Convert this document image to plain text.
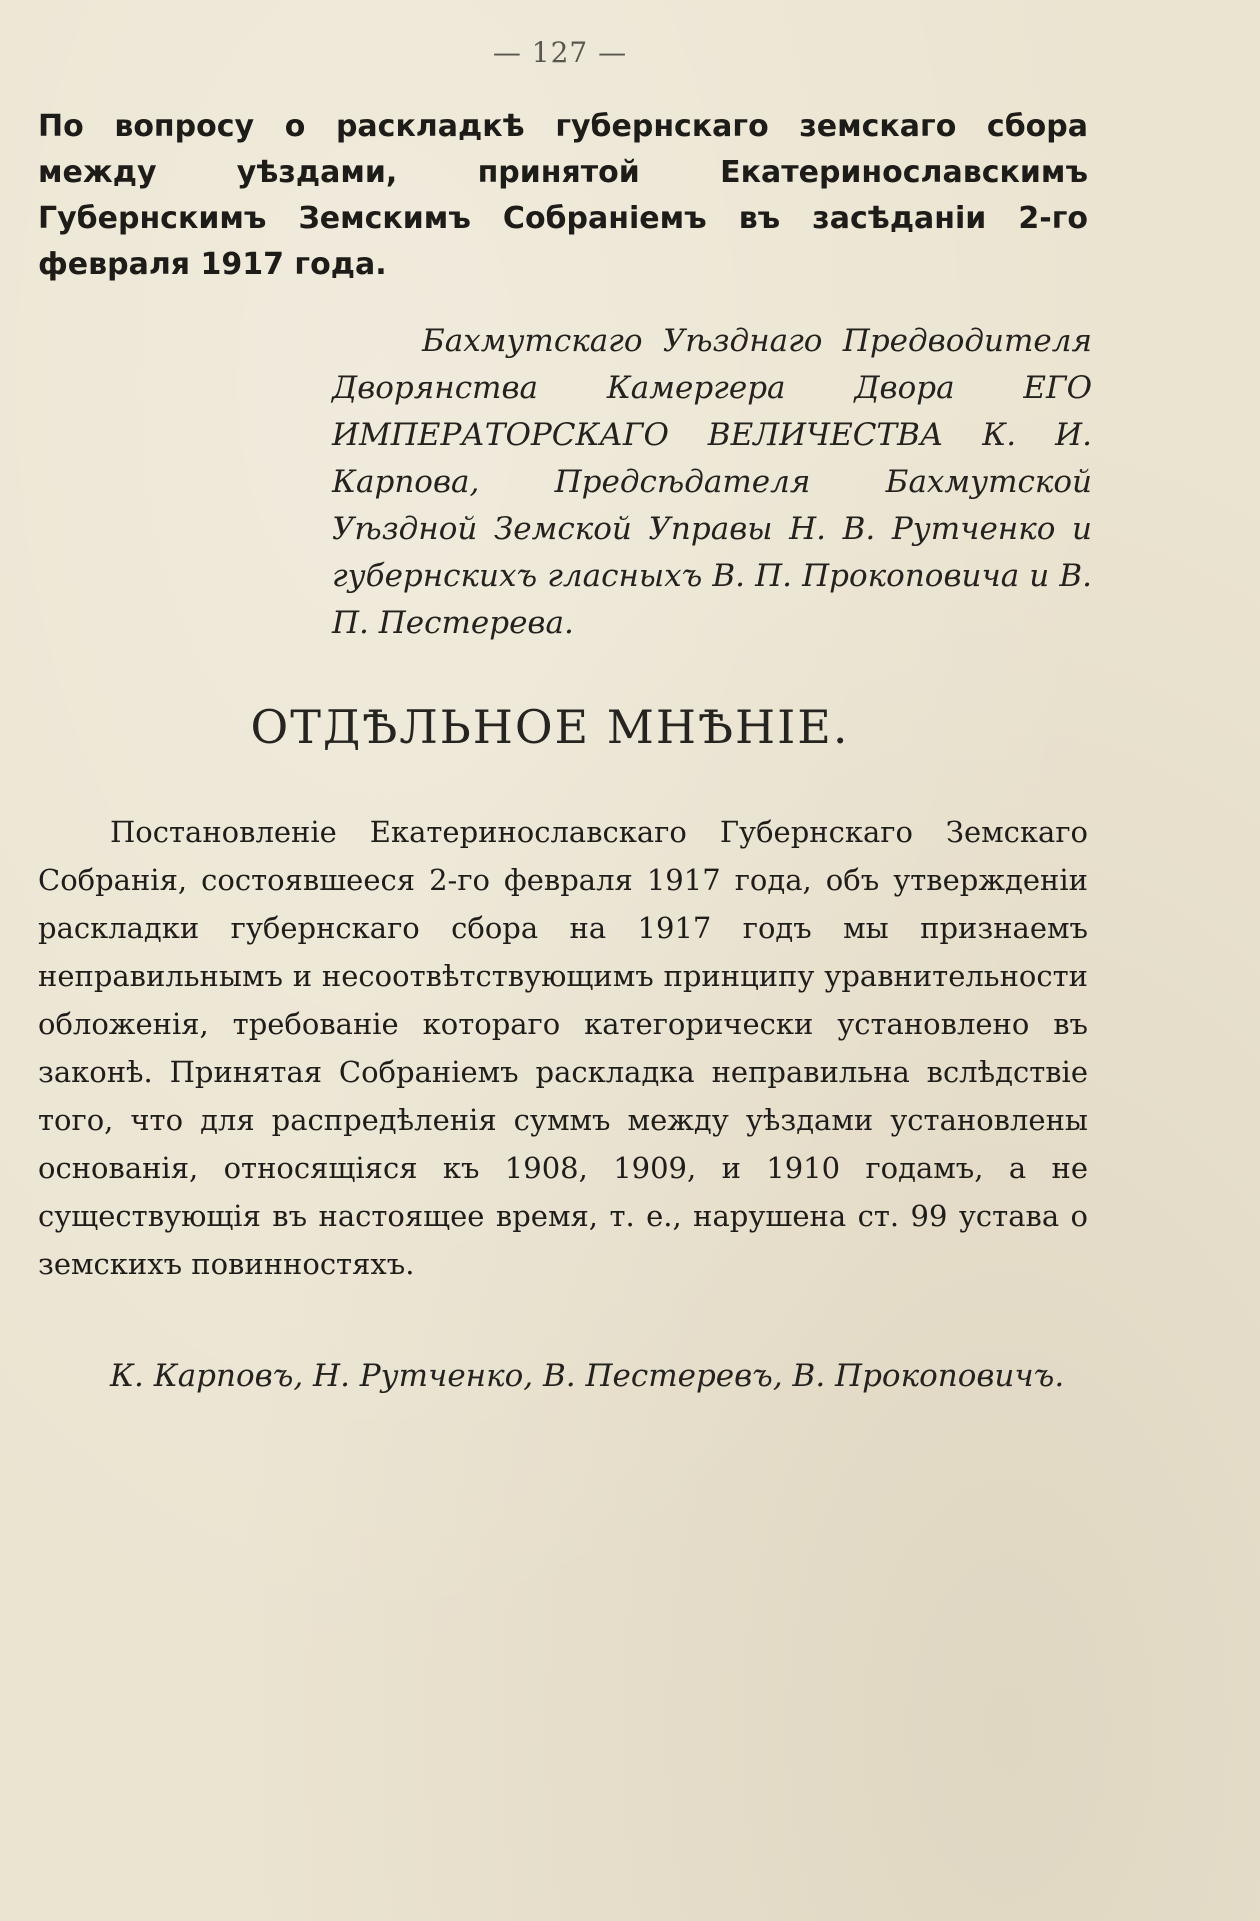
— 127 —
По вопросу о раскладкѣ губернскаго земскаго сбора между уѣздами, принятой Екатеринославскимъ Губернскимъ Земскимъ Собраніемъ въ засѣданіи 2-го февраля 1917 года.
Бахмутскаго Уѣзднаго Предводителя Дворянства Камергера Двора ЕГО ИМПЕРАТОРСКАГО ВЕЛИЧЕСТВА К. И. Карпова, Предсѣдателя Бахмутской Уѣздной Земской Управы Н. В. Рутченко и губернскихъ гласныхъ В. П. Прокоповича и В. П. Пестерева.
ОТДѢЛЬНОЕ МНѢНІЕ.
Постановленіе Екатеринославскаго Губернскаго Земскаго Собранія, состоявшееся 2-го февраля 1917 года, объ утвержденіи раскладки губернскаго сбора на 1917 годъ мы признаемъ неправильнымъ и несоотвѣтствующимъ принципу уравнительности обложенія, требованіе котораго категорически установлено въ законѣ. Принятая Собраніемъ раскладка неправильна вслѣдствіе того, что для распредѣленія суммъ между уѣздами установлены основанія, относящіяся къ 1908, 1909, и 1910 годамъ, а не существующія въ настоящее время, т. е., нарушена ст. 99 устава о земскихъ повинностяхъ.
К. Карповъ, Н. Рутченко, В. Пестеревъ, В. Прокоповичъ.
